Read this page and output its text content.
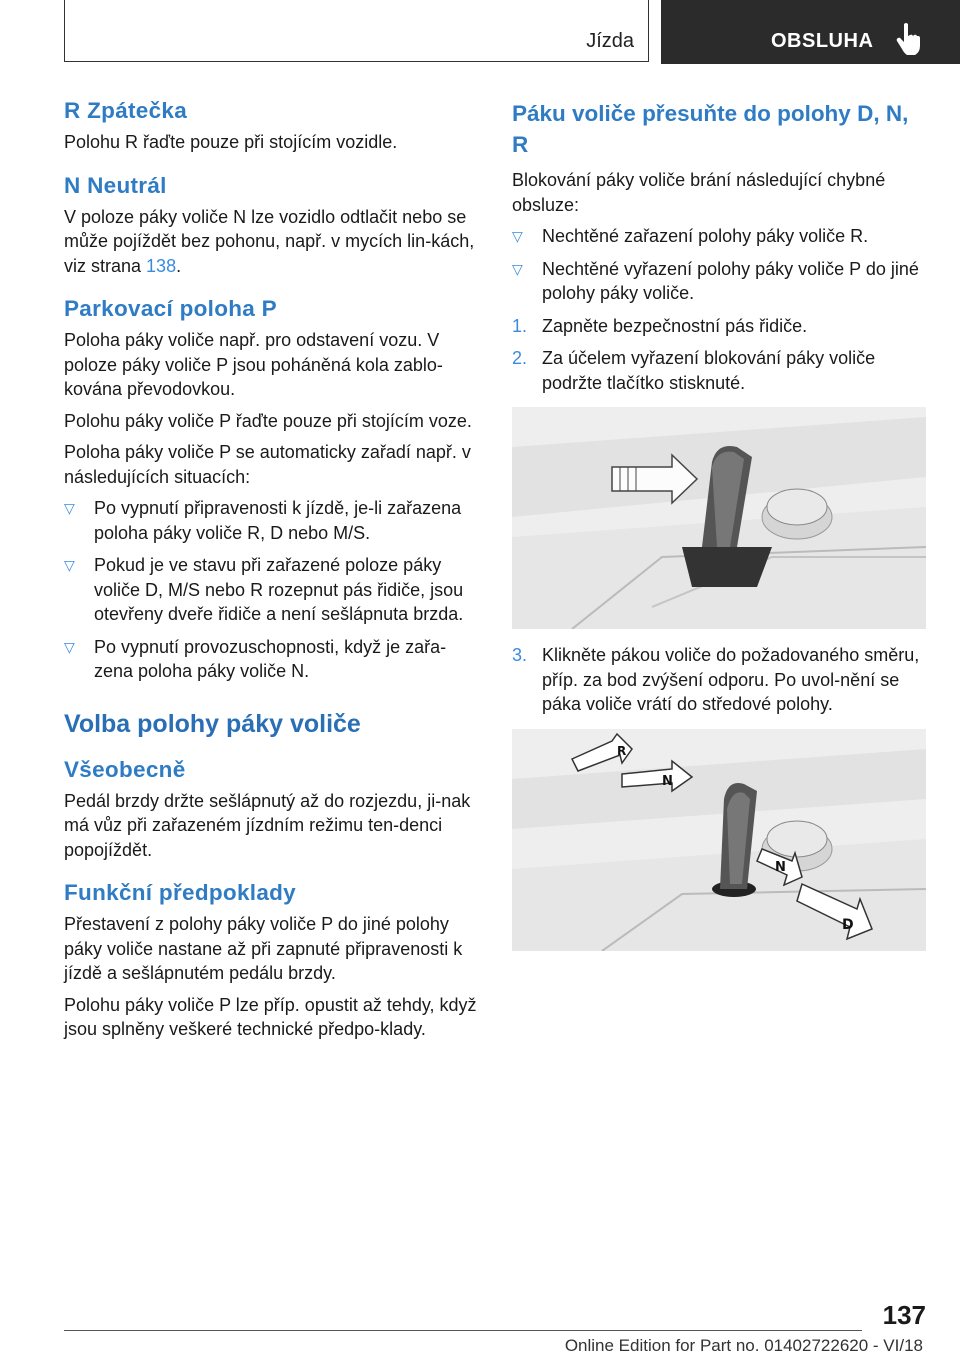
Jízda	OBSLUHA
R Zpátečka

Polohu R řaďte pouze při stojícím vozidle.

N Neutrál

V poloze páky voliče N lze vozidlo odtlačit nebo se může pojíždět bez pohonu, např. v mycích lin‐kách, viz strana 138.

Parkovací poloha P

Poloha páky voliče např. pro odstavení vozu. V poloze páky voliče P jsou poháněná kola zablo‐kována převodovkou.

Polohu páky voliče P řaďte pouze při stojícím voze.

Poloha páky voliče P se automaticky zařadí např. v následujících situacích:

▽ Po vypnutí připravenosti k jízdě, je-li zařazena poloha páky voliče R, D nebo M/S.
▽ Pokud je ve stavu při zařazené poloze páky voliče D, M/S nebo R rozepnut pás řidiče, jsou otevřeny dveře řidiče a není sešlápnuta brzda.
▽ Po vypnutí provozuschopnosti, když je zařa‐zena poloha páky voliče N.
Volba polohy páky voliče
Všeobecně

Pedál brzdy držte sešlápnutý až do rozjezdu, ji‐nak má vůz při zařazeném jízdním režimu ten‐denci popojíždět.

Funkční předpoklady

Přestavení z polohy páky voliče P do jiné polohy páky voliče nastane až při zapnuté připravenosti k jízdě a sešlápnutém pedálu brzdy.

Polohu páky voliče P lze příp. opustit až tehdy, když jsou splněny veškeré technické předpo‐klady.

Páku voliče přesuňte do polohy D, N, R

Blokování páky voliče brání následující chybné obsluze:

▽ Nechtěné zařazení polohy páky voliče R.
▽ Nechtěné vyřazení polohy páky voliče P do jiné polohy páky voliče.
1. Zapněte bezpečnostní pás řidiče.
2. Za účelem vyřazení blokování páky voliče podržte tlačítko stisknuté.
3. Klikněte pákou voliče do požadovaného směru, příp. za bod zvýšení odporu. Po uvol‐nění se páka voliče vrátí do středové polohy.
R
N
N
D
137
Online Edition for Part no. 01402722620 - VI/18
